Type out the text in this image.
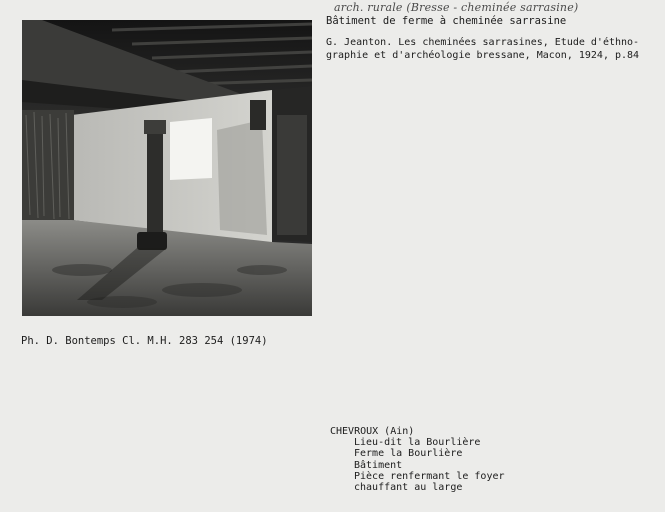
arch. rurale (Bresse - cheminée sarrasine)
Bâtiment de ferme à cheminée sarrasine
G. Jeanton. Les cheminées sarrasines, Etude d'éthno-
graphie et d'archéologie bressane, Macon, 1924, p.84
Ph. D. Bontemps Cl. M.H. 283 254 (1974)
CHEVROUX (Ain)
Lieu-dit la Bourlière
Ferme la Bourlière
Bâtiment
Pièce renfermant le foyer
chauffant au large
